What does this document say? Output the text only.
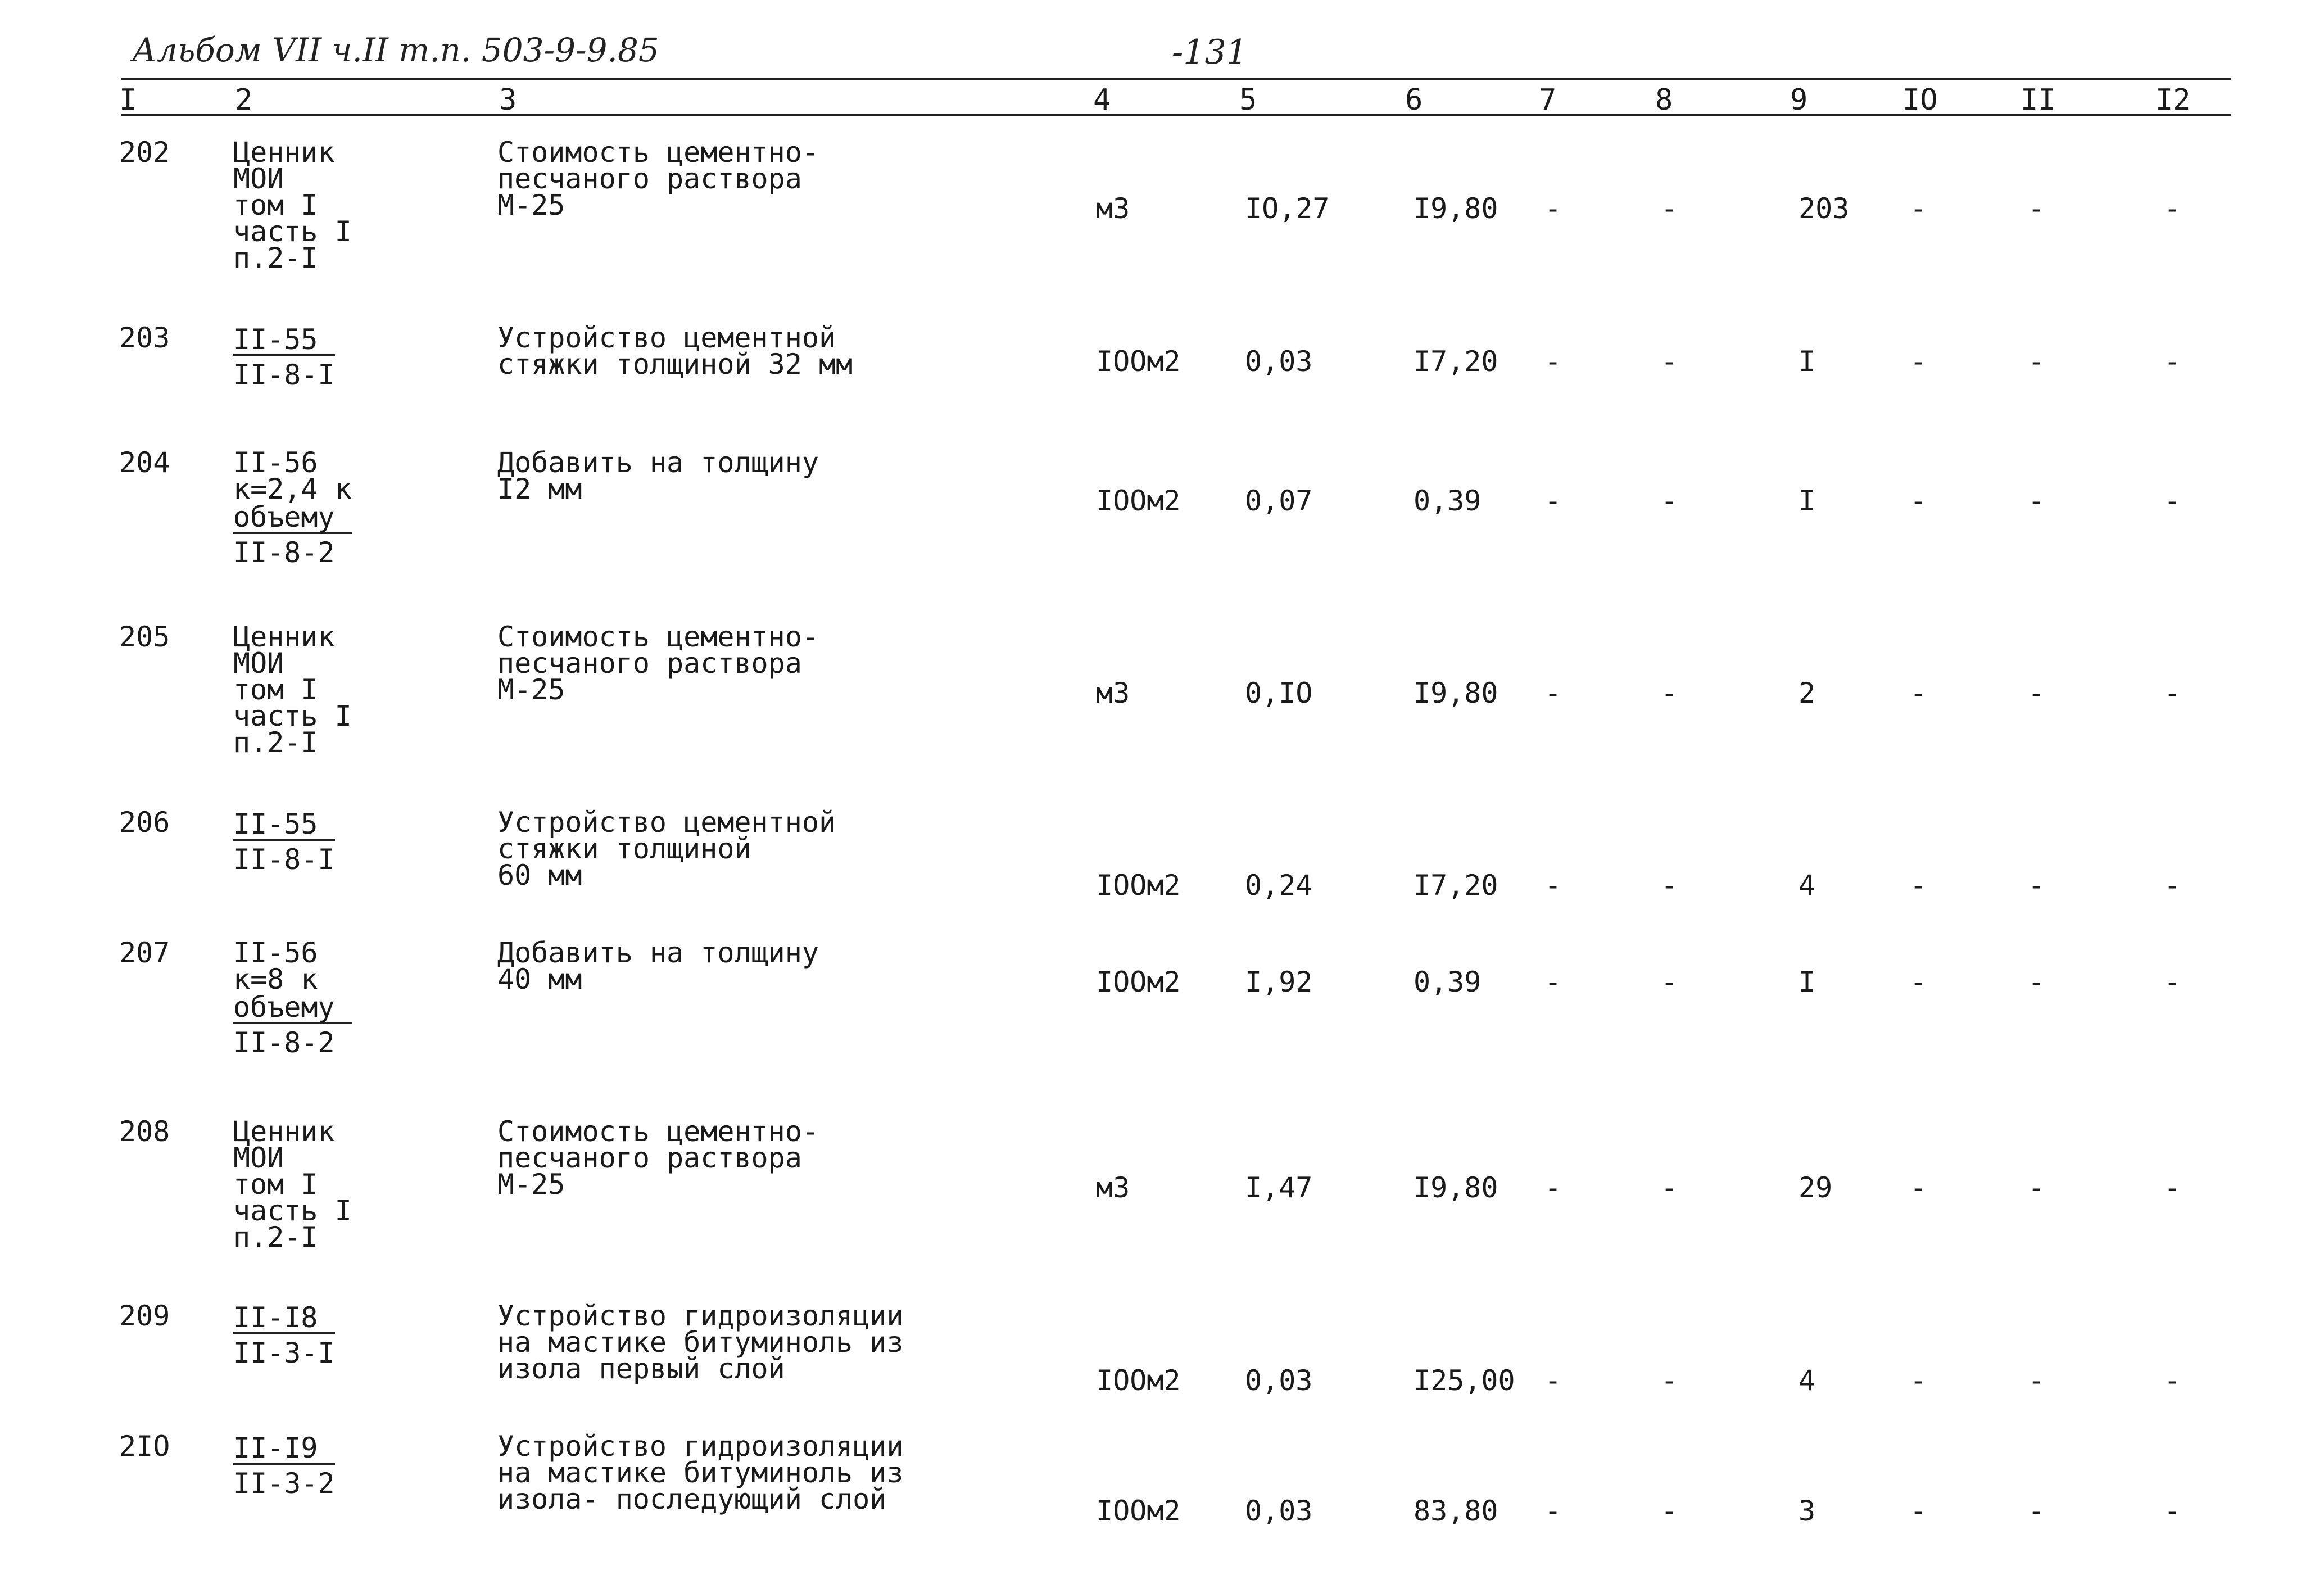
Альбом VII ч.II т.п. 503-9-9.85	-131
I	2	3	4	5	6	7	8	9	IO	II	I2
202 Ценник
МОИ
том I
часть I
п.2-I
Стоимость цементно-
песчаного раствора
М-25	м3	IO,27	I9,80 -	-	203 -	-	-
203 II-55
II-8-I
Устройство цементной
стяжки толщиной 32 мм	IOOм2 0,03	I7,20 -	-	I	-	-	-
204 II-56
к=2,4 к
объему
II-8-2
Добавить на толщину
I2 мм	IOOм2 0,07	0,39 -	-	I	-	-	-
205 Ценник
МОИ
том I
часть I
п.2-I
Стоимость цементно-
песчаного раствора
М-25	м3	0,IO	I9,80 -	-	2	-	-	-
206 II-55
II-8-I
Устройство цементной
стяжки толщиной
60 мм	IOOм2 0,24	I7,20 -	-	4	-	-	-
207 II-56
к=8 к
объему
II-8-2
Добавить на толщину
40 мм	IOOм2 I,92	0,39 -	-	I	-	-	-
208 Ценник
МОИ
том I
часть I
п.2-I
Стоимость цементно-
песчаного раствора
М-25	м3	I,47	I9,80 -	-	29	-	-	-
209 II-I8
II-3-I
Устройство гидроизоляции
на мастике битуминоль из
изола первый слой	IOOм2 0,03	I25,00 -	-	4	-	-	-
2IO II-I9
II-3-2
Устройство гидроизоляции
на мастике битуминоль из
изола- последующий слой	IOOм2 0,03	83,80 -	-	3	-	-	-
